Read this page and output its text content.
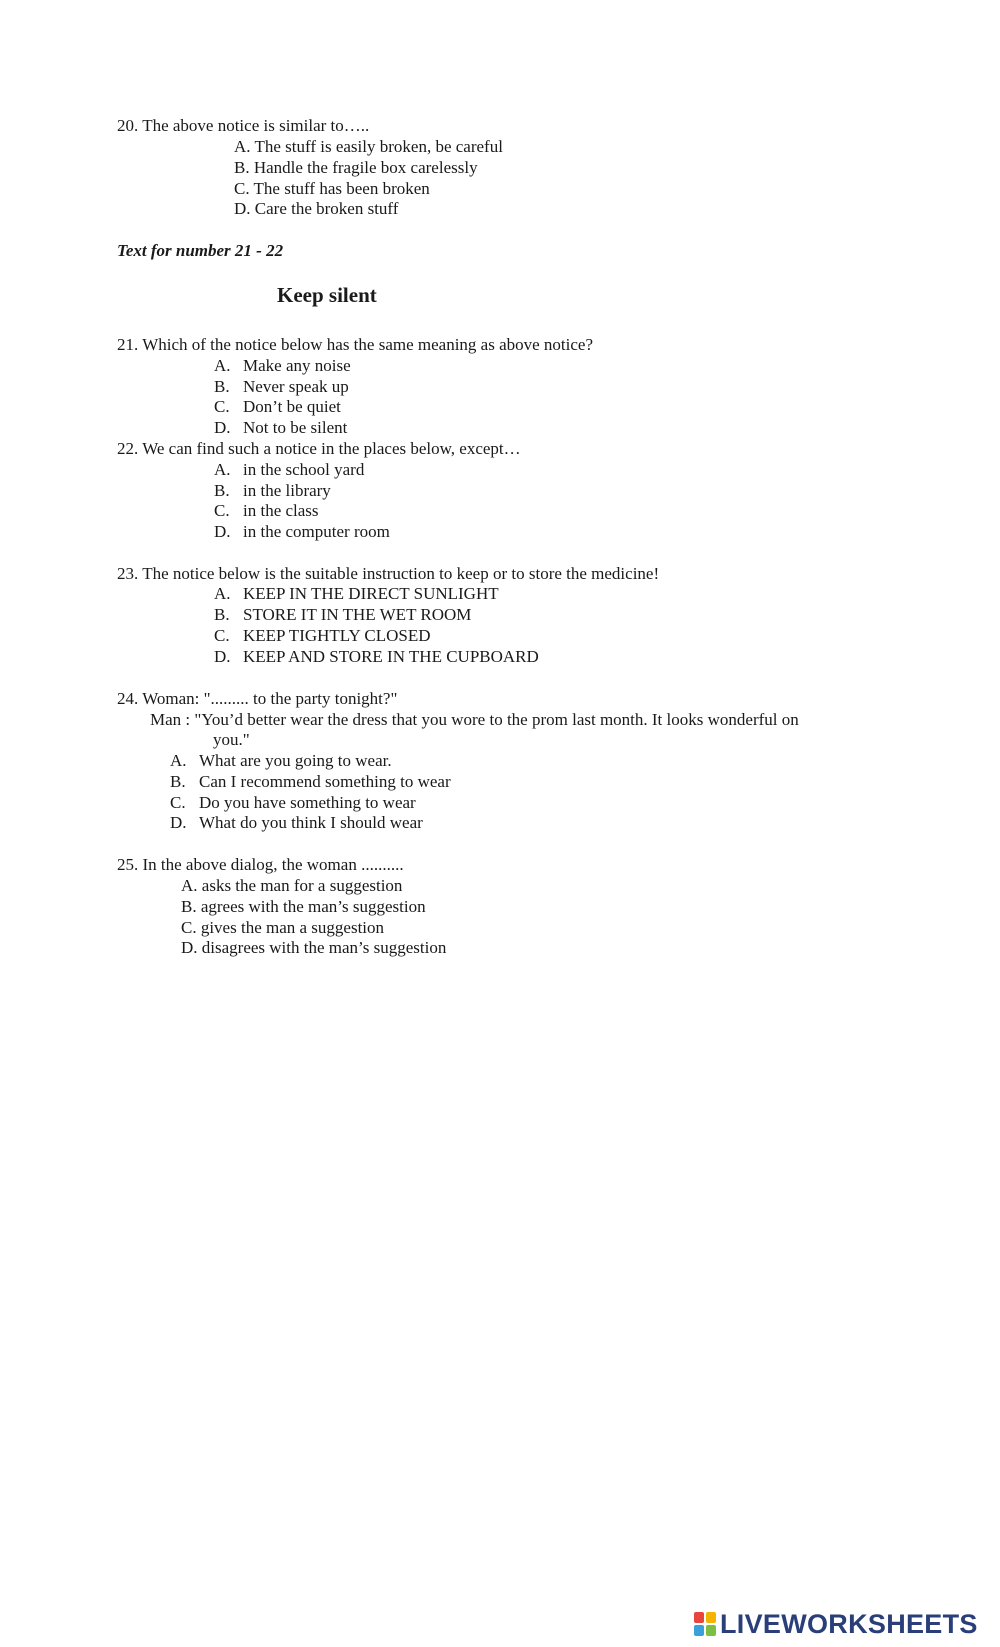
20. The above notice is similar to…..
A. The stuff is easily broken, be careful
B. Handle the fragile box carelessly
C. The stuff has been broken
D. Care the broken stuff
Text for number 21 - 22
Keep silent
21. Which of the notice below has the same meaning as above notice?
A. Make any noise
B. Never speak up
C. Don’t be quiet
D. Not to be silent
22. We can find such a notice in the places below, except…
A. in the school yard
B. in the library
C. in the class
D. in the computer room
23. The notice below is the suitable instruction to keep or to store the medicine!
A. KEEP IN THE DIRECT SUNLIGHT
B. STORE IT IN THE WET ROOM
C. KEEP TIGHTLY CLOSED
D. KEEP AND STORE IN THE CUPBOARD
24. Woman: "......... to the party tonight?"
Man : "You’d better wear the dress that you wore to the prom last month. It looks wonderful on
you."
A. What are you going to wear.
B. Can I recommend something to wear
C. Do you have something to wear
D. What do you think I should wear
25. In the above dialog, the woman ..........
A. asks the man for a suggestion
B. agrees with the man’s suggestion
C. gives the man a suggestion
D. disagrees with the man’s suggestion
LIVEWORKSHEETS
